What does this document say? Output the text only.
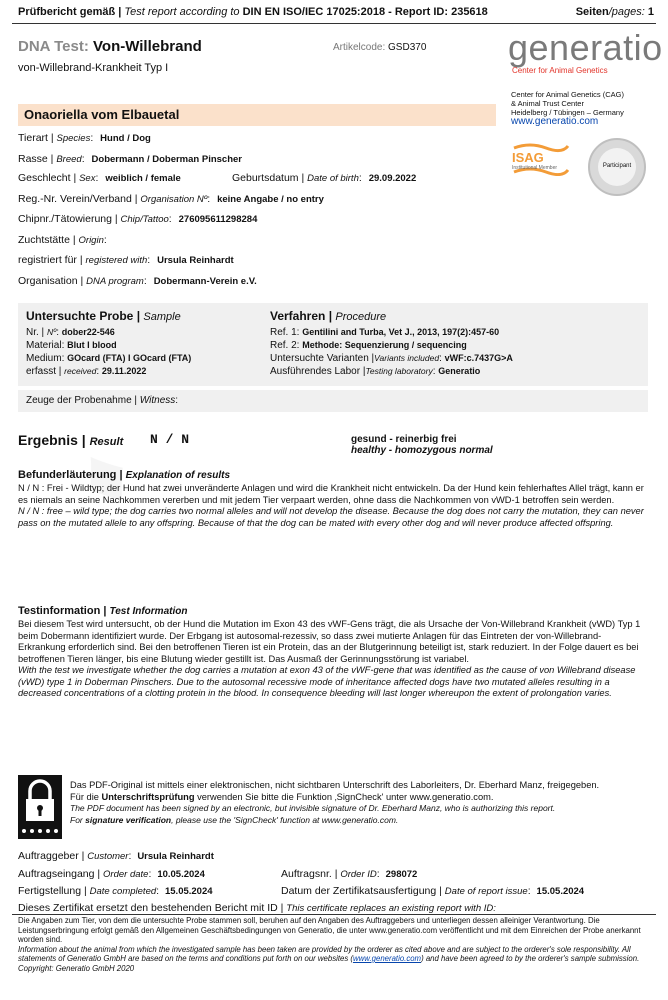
Prüfbericht gemäß | Test report according to DIN EN ISO/IEC 17025:2018 - Report ID: 235618	Seiten/pages: 1
DNA Test: Von-Willebrand	Artikelcode: GSD370
von-Willebrand-Krankheit Typ I	generatio
Center for Animal Genetics
Center for Animal Genetics (CAG)
& Animal Trust Center
Heidelberg / Tübingen – Germany
www.generatio.com
ISAG
Institutional Member	Participant
Onaoriella vom Elbauetal
Tierart | Species: Hund / Dog
Rasse | Breed: Dobermann / Doberman Pinscher
Geschlecht | Sex: weiblich / female	Geburtsdatum | Date of birth: 29.09.2022
Reg.-Nr. Verein/Verband | Organisation Nº: keine Angabe / no entry
Chipnr./Tätowierung | Chip/Tattoo: 276095611298284
Zuchtstätte | Origin:
registriert für | registered with: Ursula Reinhardt
Organisation | DNA program: Dobermann-Verein e.V.
Untersuchte Probe | Sample
Nr. | Nº: dober22-546
Material: Blut I blood
Medium: GOcard (FTA) I GOcard (FTA)
erfasst | received: 29.11.2022
Verfahren | Procedure
Ref. 1: Gentilini and Turba, Vet J., 2013, 197(2):457-60
Ref. 2: Methode: Sequenzierung / sequencing
Untersuchte Varianten |Variants included: vWF:c.7437G>A
Ausführendes Labor |Testing laboratory: Generatio
Zeuge der Probenahme | Witness:
Ergebnis | Result N / N	gesund - reinerbig frei
healthy - homozygous normal
Befunderläuterung | Explanation of results
N / N : Frei - Wildtyp; der Hund hat zwei unveränderte Anlagen und wird die Krankheit nicht entwickeln. Da der Hund kein fehlerhaftes Allel trägt, kann er es niemals an seine Nachkommen vererben und mit jedem Tier verpaart werden, ohne dass die Nachkommen von vWD-1 betroffen sein werden.
N / N : free – wild type; the dog carries two normal alleles and will not develop the disease. Because the dog does not carry the mutation, they can never pass on the mutated allele to any offspring. Because of that the dog can be mated with every other dog and will never produce affected offspring.
Testinformation | Test Information
Bei diesem Test wird untersucht, ob der Hund die Mutation im Exon 43 des vWF-Gens trägt, die als Ursache der Von-Willebrand Krankheit (vWD) Typ 1 beim Dobermann identifiziert wurde. Der Erbgang ist autosomal-rezessiv, so dass zwei mutierte Anlagen für das Eintreten der von-Willebrand-Erkrankung erforderlich sind. Bei den betroffenen Tieren ist ein Protein, das an der Blutgerinnung beteiligt ist, stark reduziert. In der Folge dauert es bei betroffenen Tieren länger, bis eine Blutung wieder gestillt ist. Das Ausmaß der Gerinnungsstörung ist variabel.
With the test we investigate whether the dog carries a mutation at exon 43 of the vWF-gene that was identified as the cause of von Willebrand disease (vWD) type 1 in Doberman Pinschers. Due to the autosomal recessive mode of inheritance affected dogs have two mutated alleles resulting in a decreased concentrations of a clotting protein in the blood. In consequence bleeding will last longer whereupon the extent of prolongation varies.
Das PDF-Original ist mittels einer elektronischen, nicht sichtbaren Unterschrift des Laborleiters, Dr. Eberhard Manz, freigegeben.
Für die Unterschriftsprüfung verwenden Sie bitte die Funktion ‚SignCheck' unter www.generatio.com.
The PDF document has been signed by an electronic, but invisible signature of Dr. Eberhard Manz, who is authorizing this report.
For signature verification, please use the 'SignCheck' function at www.generatio.com.
Auftraggeber | Customer: Ursula Reinhardt
Auftragseingang | Order date: 10.05.2024	Auftragsnr. | Order ID: 298072
Fertigstellung | Date completed: 15.05.2024	Datum der Zertifikatsausfertigung | Date of report issue: 15.05.2024
Dieses Zertifikat ersetzt den bestehenden Bericht mit ID | This certificate replaces an existing report with ID:
Die Angaben zum Tier, von dem die untersuchte Probe stammen soll, beruhen auf den Angaben des Auftraggebers und unterliegen dessen alleiniger Verantwortung. Die Leistungserbringung erfolgt gemäß den Allgemeinen Geschäftsbedingungen von Generatio, die unter www.generatio.com veröffentlicht und mit dem Einreichen der Probe anerkannt worden sind.
Information about the animal from which the investigated sample has been taken are provided by the orderer as cited above and are subject to the orderer's sole responsibility. All statements of Generatio GmbH are based on the terms and conditions put forth on our websites (www.generatio.com) and have been agreed to by the orderer's sample submission. Copyright: Generatio GmbH 2020
